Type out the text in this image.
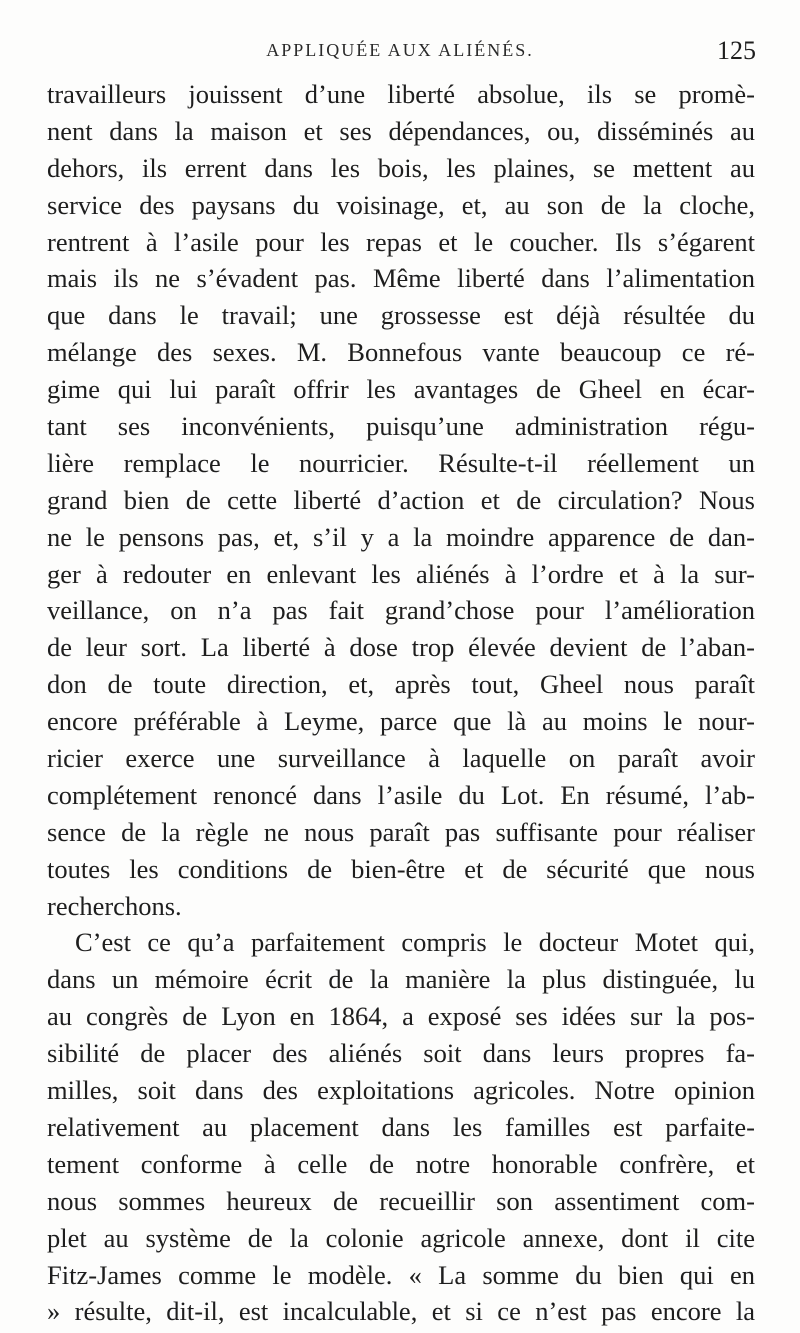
APPLIQUÉE AUX ALIÉNÉS.	125
travailleurs jouissent d’une liberté absolue, ils se promè-
nent dans la maison et ses dépendances, ou, disséminés au
dehors, ils errent dans les bois, les plaines, se mettent au
service des paysans du voisinage, et, au son de la cloche,
rentrent à l’asile pour les repas et le coucher. Ils s’égarent
mais ils ne s’évadent pas. Même liberté dans l’alimentation
que dans le travail; une grossesse est déjà résultée du
mélange des sexes. M. Bonnefous vante beaucoup ce ré-
gime qui lui paraît offrir les avantages de Gheel en écar-
tant ses inconvénients, puisqu’une administration régu-
lière remplace le nourricier. Résulte-t-il réellement un
grand bien de cette liberté d’action et de circulation? Nous
ne le pensons pas, et, s’il y a la moindre apparence de dan-
ger à redouter en enlevant les aliénés à l’ordre et à la sur-
veillance, on n’a pas fait grand’chose pour l’amélioration
de leur sort. La liberté à dose trop élevée devient de l’aban-
don de toute direction, et, après tout, Gheel nous paraît
encore préférable à Leyme, parce que là au moins le nour-
ricier exerce une surveillance à laquelle on paraît avoir
complétement renoncé dans l’asile du Lot. En résumé, l’ab-
sence de la règle ne nous paraît pas suffisante pour réaliser
toutes les conditions de bien-être et de sécurité que nous
recherchons.
C’est ce qu’a parfaitement compris le docteur Motet qui,
dans un mémoire écrit de la manière la plus distinguée, lu
au congrès de Lyon en 1864, a exposé ses idées sur la pos-
sibilité de placer des aliénés soit dans leurs propres fa-
milles, soit dans des exploitations agricoles. Notre opinion
relativement au placement dans les familles est parfaite-
tement conforme à celle de notre honorable confrère, et
nous sommes heureux de recueillir son assentiment com-
plet au système de la colonie agricole annexe, dont il cite
Fitz-James comme le modèle. « La somme du bien qui en
» résulte, dit-il, est incalculable, et si ce n’est pas encore la
